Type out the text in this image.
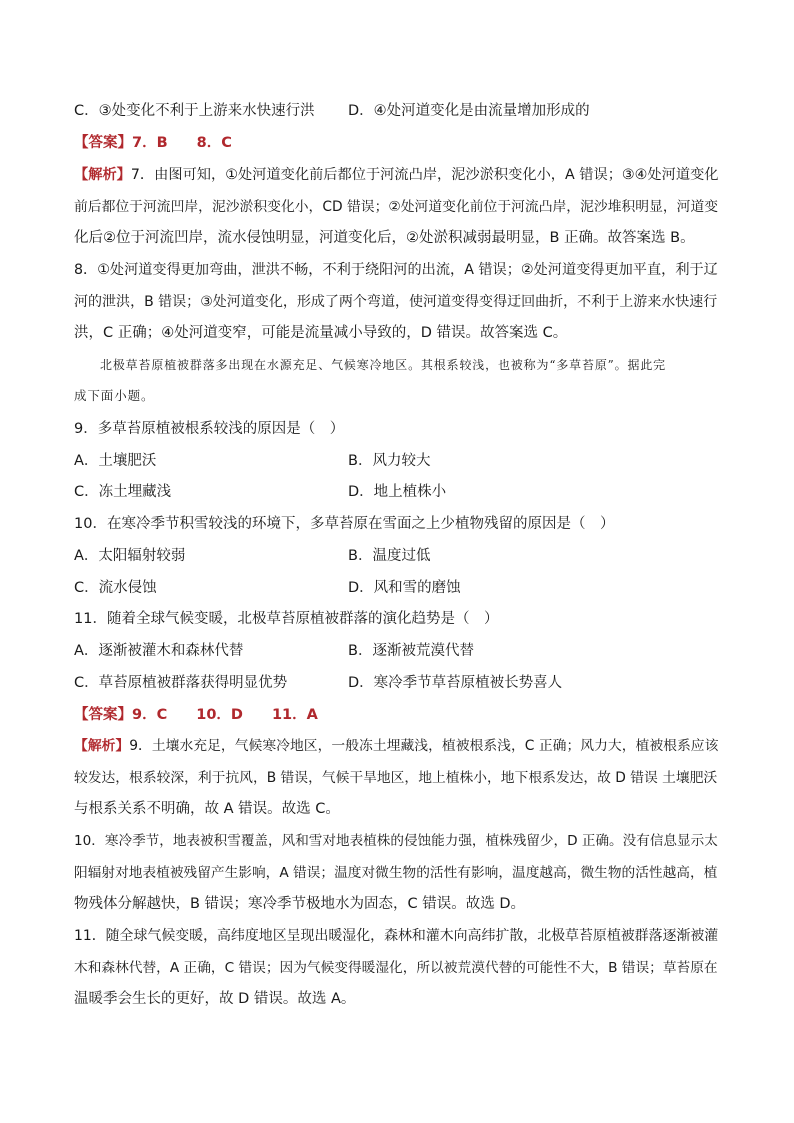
C．③处变化不利于上游来水快速行洪 D．④处河道变化是由流量增加形成的
【答案】7．B　　8．C
【解析】7．由图可知，①处河道变化前后都位于河流凸岸，泥沙淤积变化小，A 错误；③④处河道变化
前后都位于河流凹岸，泥沙淤积变化小，CD 错误；②处河道变化前位于河流凸岸，泥沙堆积明显，河道变
化后②位于河流凹岸，流水侵蚀明显，河道变化后，②处淤积减弱最明显，B 正确。故答案选 B。
8．①处河道变得更加弯曲，泄洪不畅，不利于绕阳河的出流，A 错误；②处河道变得更加平直，利于辽
河的泄洪，B 错误；③处河道变化，形成了两个弯道，使河道变得变得迂回曲折，不利于上游来水快速行
洪，C 正确；④处河道变窄，可能是流量减小导致的，D 错误。故答案选 C。
北极草苔原植被群落多出现在水源充足、气候寒冷地区。其根系较浅，也被称为“多草苔原”。据此完
成下面小题。
9．多草苔原植被根系较浅的原因是（　）
A．土壤肥沃	B．风力较大
C．冻土埋藏浅	D．地上植株小
10．在寒冷季节积雪较浅的环境下，多草苔原在雪面之上少植物残留的原因是（　）
A．太阳辐射较弱	B．温度过低
C．流水侵蚀	D．风和雪的磨蚀
11．随着全球气候变暖，北极草苔原植被群落的演化趋势是（　）
A．逐渐被灌木和森林代替	B．逐渐被荒漠代替
C．草苔原植被群落获得明显优势	D．寒冷季节草苔原植被长势喜人
【答案】9．C　　10．D　　11．A
【解析】9．土壤水充足，气候寒冷地区，一般冻土埋藏浅，植被根系浅，C 正确；风力大，植被根系应该
较发达，根系较深，利于抗风，B 错误，气候干旱地区，地上植株小，地下根系发达，故 D 错误 土壤肥沃
与根系关系不明确，故 A 错误。故选 C。
10．寒冷季节，地表被积雪覆盖，风和雪对地表植株的侵蚀能力强，植株残留少，D 正确。没有信息显示太
阳辐射对地表植被残留产生影响，A 错误；温度对微生物的活性有影响，温度越高，微生物的活性越高，植
物残体分解越快，B 错误；寒冷季节极地水为固态，C 错误。故选 D。
11．随全球气候变暖，高纬度地区呈现出暖湿化，森林和灌木向高纬扩散，北极草苔原植被群落逐渐被灌
木和森林代替，A 正确，C 错误；因为气候变得暖湿化，所以被荒漠代替的可能性不大，B 错误；草苔原在
温暖季会生长的更好，故 D 错误。故选 A。
